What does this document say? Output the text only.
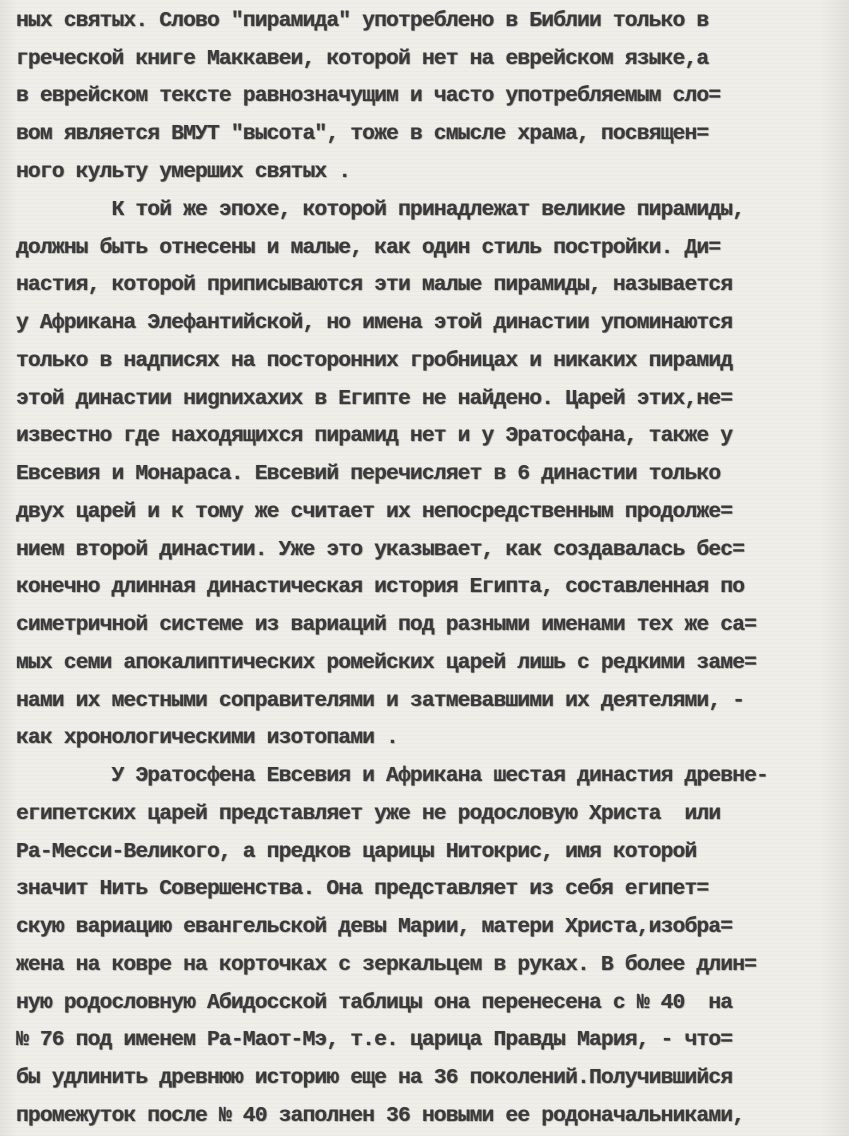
ных святых. Слово "пирамида" употреблено в Библии только в
греческой книге Маккавеи, которой нет на еврейском языке,а
в еврейском тексте равнозначущим и часто употребляемым сло=
вом является ВМУТ "высота", тоже в смысле храма, посвящен=
ного культу умерших святых .
К той же эпохе, которой принадлежат великие пирамиды,
должны быть отнесены и малые, как один стиль постройки. Ди=
настия, которой приписываются эти малые пирамиды, называется
у Африкана Элефантийской, но имена этой династии упоминаются
только в надписях на посторонних гробницах и никаких пирамид
этой династии ниgnихахих в Египте не найдено. Царей этих,не=
известно где находящихся пирамид нет и у Эратосфана, также у
Евсевия и Монараса. Евсевий перечисляет в 6 династии только
двух царей и к тому же считает их непосредственным продолже=
нием второй династии. Уже это указывает, как создавалась бес=
конечно длинная династическая история Египта, составленная по
симетричной системе из вариаций под разными именами тех же са=
мых семи апокалиптических ромейских царей лишь с редкими заме=
нами их местными соправителями и затмевавшими их деятелями, -
как хронологическими изотопами .
У Эратосфена Евсевия и Африкана шестая династия древне-
египетских царей представляет уже не родословую Христа  или
Ра-Месси-Великого, а предков царицы Нитокрис, имя которой
значит Нить Совершенства. Она представляет из себя египет=
скую вариацию евангельской девы Марии, матери Христа,изобра=
жена на ковре на корточках с зеркальцем в руках. В более длин=
ную родословную Абидосской таблицы она перенесена с № 40  на
№ 76 под именем Ра-Маот-Мэ, т.е. царица Правды Мария, - что=
бы удлинить древнюю историю еще на 36 поколений.Получившийся
промежуток после № 40 заполнен 36 новыми ее родоначальниками,
